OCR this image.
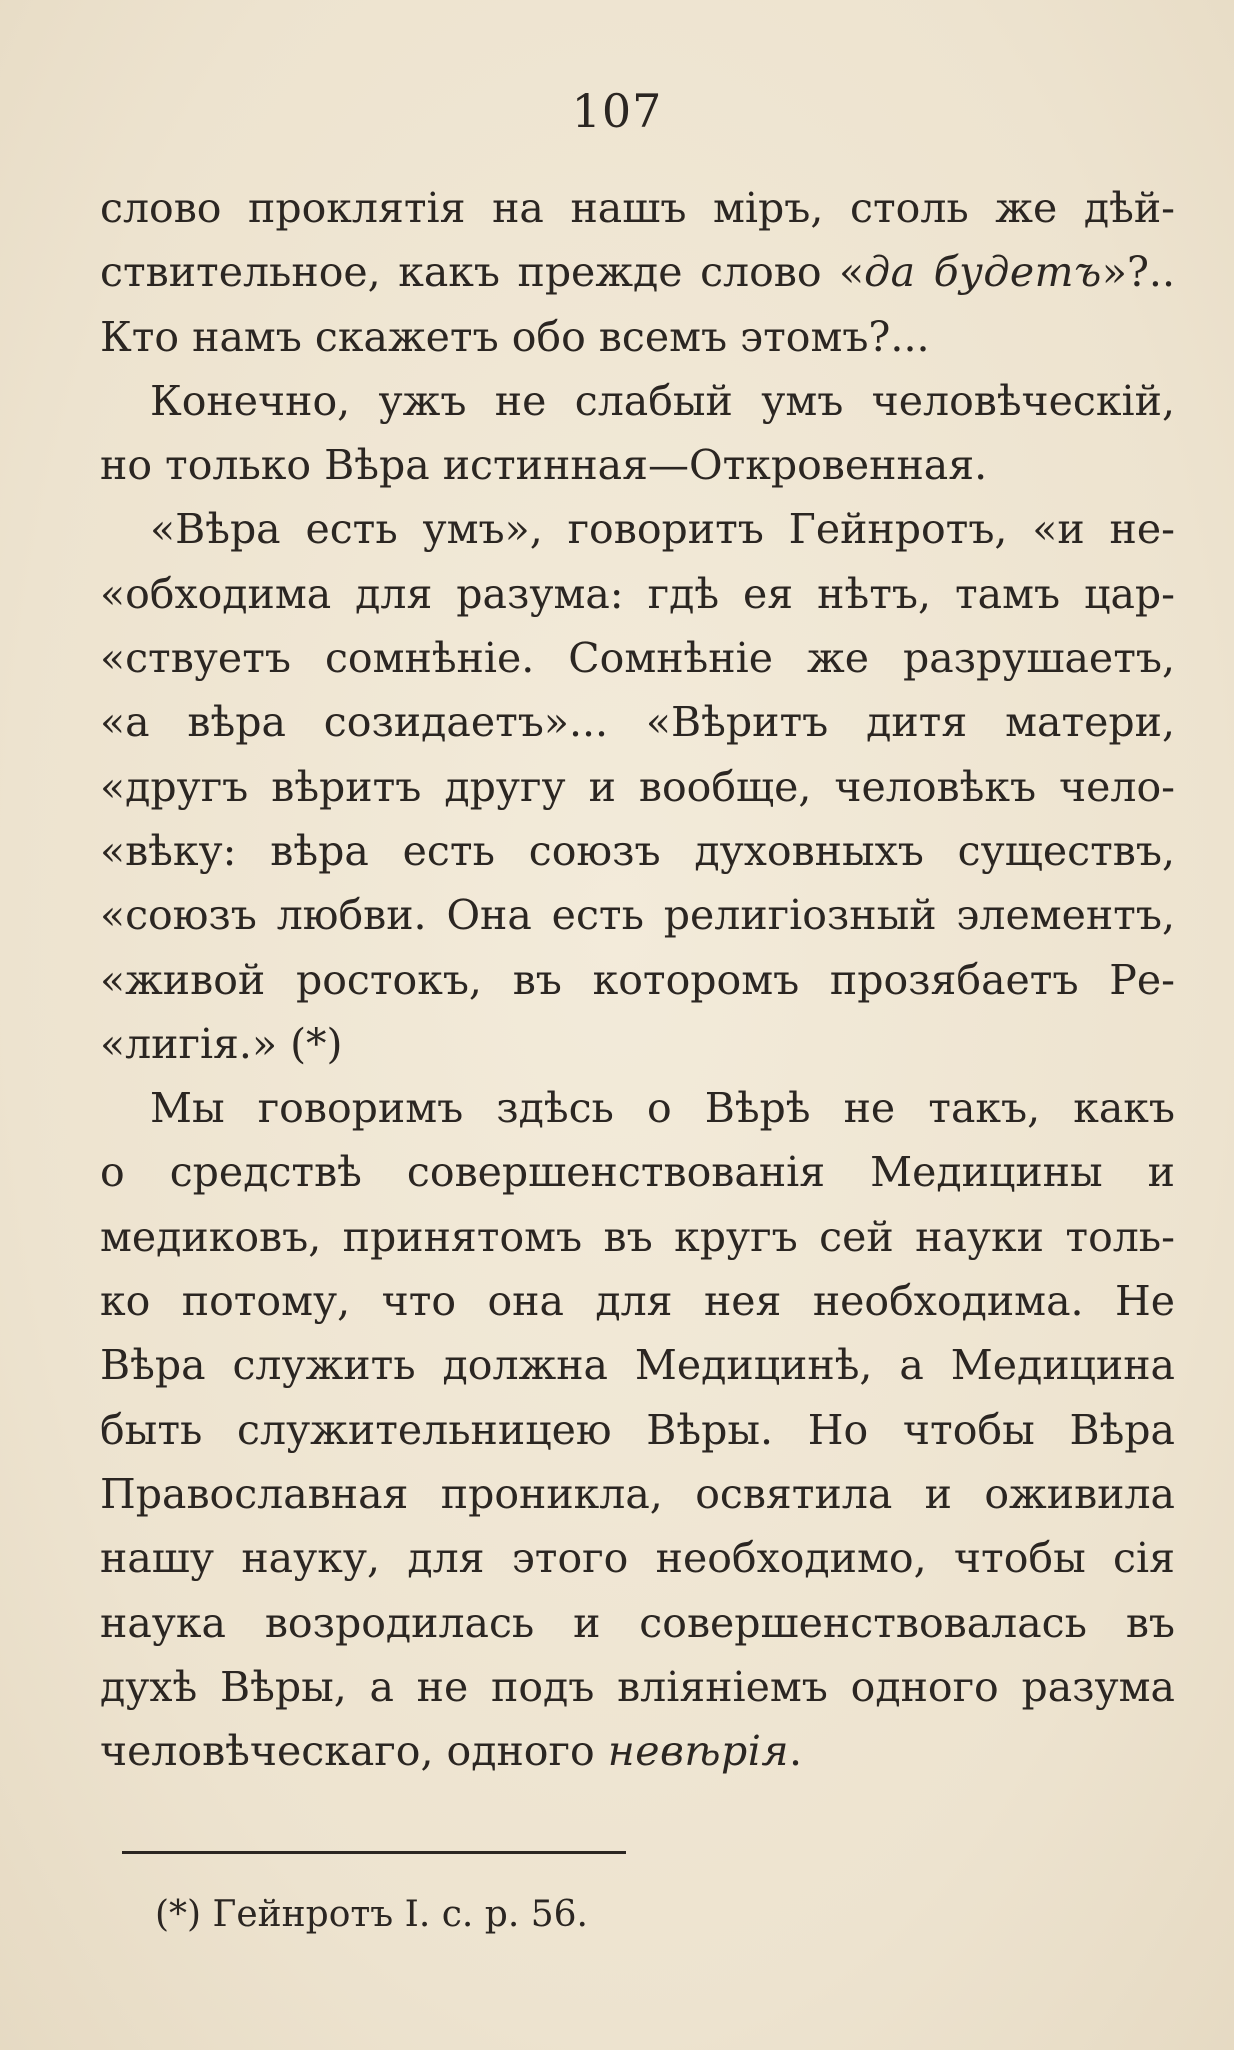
107
слово проклятія на нашъ міръ, столь же дѣй-
ствительное, какъ прежде слово «да будетъ»?..
Кто намъ скажетъ обо всемъ этомъ?...
Конечно, ужъ не слабый умъ человѣческій,
но только Вѣра истинная—Откровенная.
«Вѣра есть умъ», говоритъ Гейнротъ, «и не-
«обходима для разума: гдѣ ея нѣтъ, тамъ цар-
«ствуетъ сомнѣніе. Сомнѣніе же разрушаетъ,
«а вѣра созидаетъ»... «Вѣритъ дитя матери,
«другъ вѣритъ другу и вообще, человѣкъ чело-
«вѣку: вѣра есть союзъ духовныхъ существъ,
«союзъ любви. Она есть религіозный элементъ,
«живой ростокъ, въ которомъ прозябаетъ Ре-
«лигія.» (*)
Мы говоримъ здѣсь о Вѣрѣ не такъ, какъ
о средствѣ совершенствованія Медицины и
медиковъ, принятомъ въ кругъ сей науки толь-
ко потому, что она для нея необходима. Не
Вѣра служить должна Медицинѣ, а Медицина
быть служительницею Вѣры. Но чтобы Вѣра
Православная проникла, освятила и оживила
нашу науку, для этого необходимо, чтобы сія
наука возродилась и совершенствовалась въ
духѣ Вѣры, а не подъ вліяніемъ одного разума
человѣческаго, одного невѣрія.
(*) Гейнротъ I. с. р. 56.
